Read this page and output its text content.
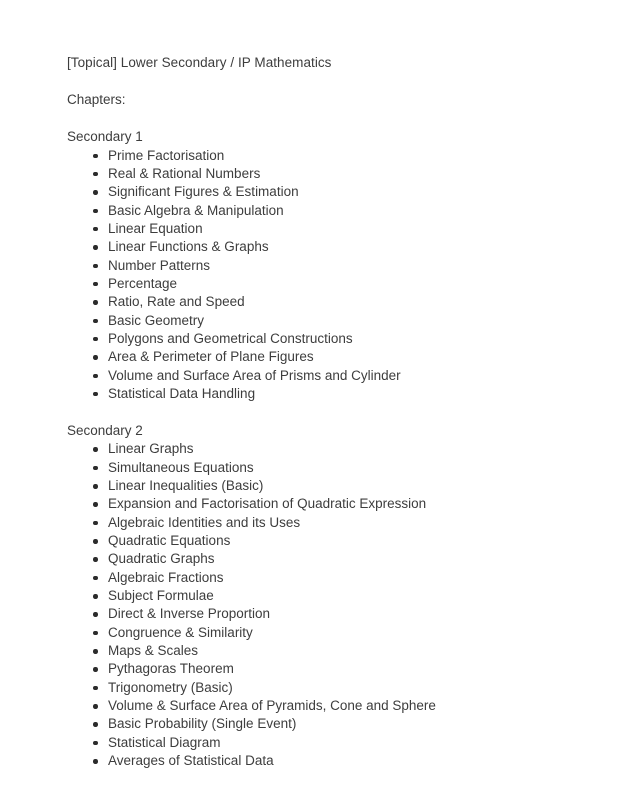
[Topical] Lower Secondary / IP Mathematics

Chapters:

Secondary 1

Prime Factorisation
Real & Rational Numbers
Significant Figures & Estimation
Basic Algebra & Manipulation
Linear Equation
Linear Functions & Graphs
Number Patterns
Percentage
Ratio, Rate and Speed
Basic Geometry
Polygons and Geometrical Constructions
Area & Perimeter of Plane Figures
Volume and Surface Area of Prisms and Cylinder
Statistical Data Handling

Secondary 2

Linear Graphs
Simultaneous Equations
Linear Inequalities (Basic)
Expansion and Factorisation of Quadratic Expression
Algebraic Identities and its Uses
Quadratic Equations
Quadratic Graphs
Algebraic Fractions
Subject Formulae
Direct & Inverse Proportion
Congruence & Similarity
Maps & Scales
Pythagoras Theorem
Trigonometry (Basic)
Volume & Surface Area of Pyramids, Cone and Sphere
Basic Probability (Single Event)
Statistical Diagram
Averages of Statistical Data
